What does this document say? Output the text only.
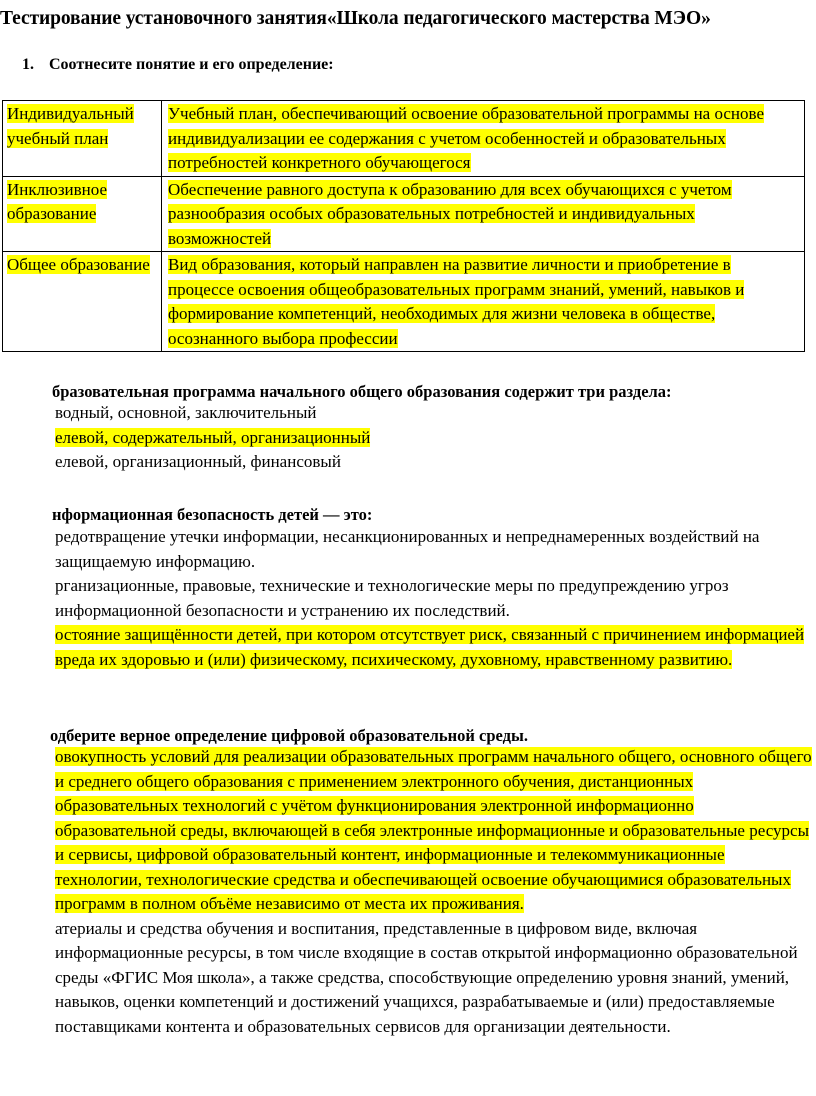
Тестирование установочного занятия«Школа педагогического мастерства МЭО»

1. Соотнесите понятие и его определение:

Индивидуальный учебный план	Учебный план, обеспечивающий освоение образовательной программы на основе индивидуализации ее содержания с учетом особенностей и образовательных потребностей конкретного обучающегося
Инклюзивное образование	Обеспечение равного доступа к образованию для всех обучающихся с учетом разнообразия особых образовательных потребностей и индивидуальных возможностей
Общее образование	Вид образования, который направлен на развитие личности и приобретение в процессе освоения общеобразовательных программ знаний, умений, навыков и формирование компетенций, необходимых для жизни человека в обществе, осознанного выбора профессии

бразовательная программа начального общего образования содержит три раздела:

водный, основной, заключительный
елевой, содержательный, организационный
елевой, организационный, финансовый

нформационная безопасность детей — это:

редотвращение утечки информации, несанкционированных и непреднамеренных воздействий на защищаемую информацию.
рганизационные, правовые, технические и технологические меры по предупреждению угроз информационной безопасности и устранению их последствий.
остояние защищённости детей, при котором отсутствует риск, связанный с причинением информацией вреда их здоровью и (или) физическому, психическому, духовному, нравственному развитию.

одберите верное определение цифровой образовательной среды.

овокупность условий для реализации образовательных программ начального общего, основного общего и среднего общего образования с применением электронного обучения, дистанционных образовательных технологий с учётом функционирования электронной информационно образовательной среды, включающей в себя электронные информационные и образовательные ресурсы и сервисы, цифровой образовательный контент, информационные и телекоммуникационные технологии, технологические средства и обеспечивающей освоение обучающимися образовательных программ в полном объёме независимо от места их проживания.
атериалы и средства обучения и воспитания, представленные в цифровом виде, включая информационные ресурсы, в том числе входящие в состав открытой информационно образовательной среды «ФГИС Моя школа», а также средства, способствующие определению уровня знаний, умений, навыков, оценки компетенций и достижений учащихся, разрабатываемые и (или) предоставляемые поставщиками контента и образовательных сервисов для организации деятельности.
